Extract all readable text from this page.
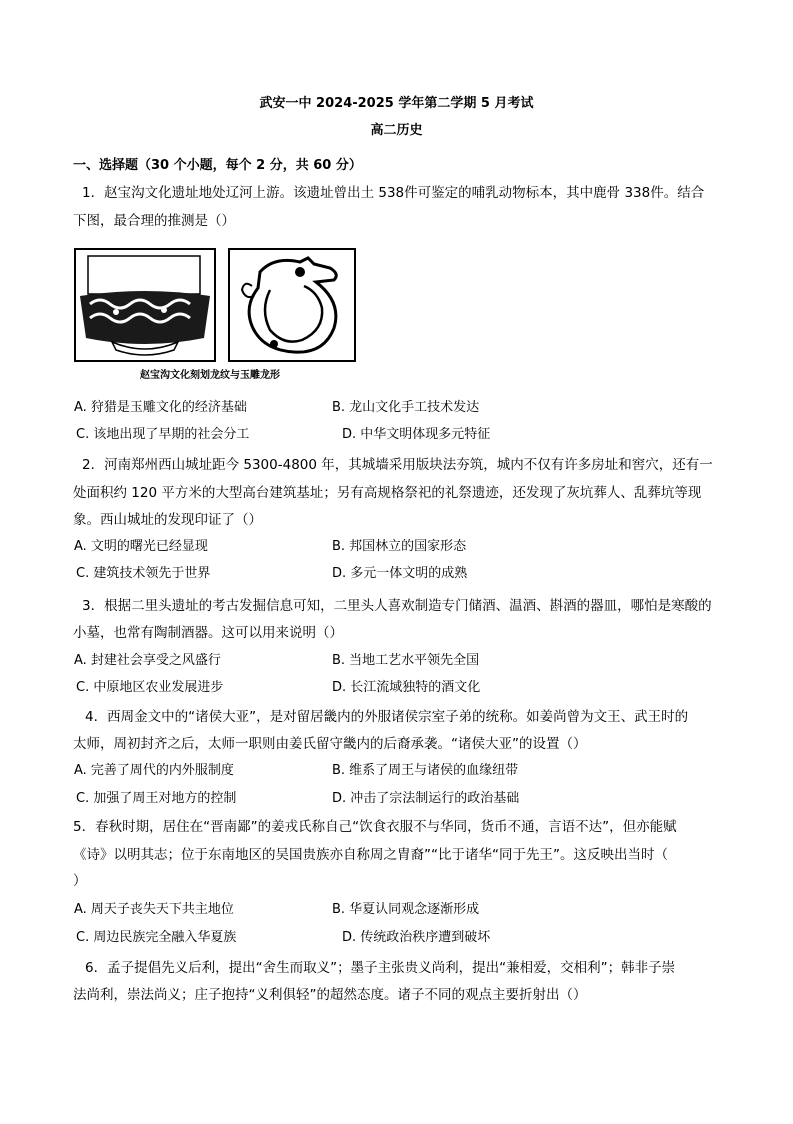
武安一中 2024-2025 学年第二学期 5 月考试
高二历史
一、选择题（30 个小题，每个 2 分，共 60 分）
1．赵宝沟文化遗址地处辽河上游。该遗址曾出土 538件可鉴定的哺乳动物标本，其中鹿骨 338件。结合
下图，最合理的推测是（）
赵宝沟文化刻划龙纹与玉雕龙形
A. 狩猎是玉雕文化的经济基础	B. 龙山文化手工技术发达
C. 该地出现了早期的社会分工	D. 中华文明体现多元特征
2．河南郑州西山城址距今 5300-4800 年，其城墙采用版块法夯筑，城内不仅有许多房址和窖穴，还有一
处面积约 120 平方米的大型高台建筑基址；另有高规格祭祀的礼祭遗迹，还发现了灰坑葬人、乱葬坑等现
象。西山城址的发现印证了（）
A. 文明的曙光已经显现	B. 邦国林立的国家形态
C. 建筑技术领先于世界	D. 多元一体文明的成熟
3．根据二里头遗址的考古发掘信息可知，二里头人喜欢制造专门储酒、温酒、斟酒的器皿，哪怕是寒酸的
小墓，也常有陶制酒器。这可以用来说明（）
A. 封建社会享受之风盛行	B. 当地工艺水平领先全国
C. 中原地区农业发展进步	D. 长江流域独特的酒文化
4．西周金文中的“诸侯大亚”，是对留居畿内的外服诸侯宗室子弟的统称。如姜尚曾为文王、武王时的
太师，周初封齐之后，太师一职则由姜氏留守畿内的后裔承袭。“诸侯大亚”的设置（）
A. 完善了周代的内外服制度	B. 维系了周王与诸侯的血缘纽带
C. 加强了周王对地方的控制	D. 冲击了宗法制运行的政治基础
5．春秋时期，居住在“晋南鄙”的姜戎氏称自己“饮食衣服不与华同，货币不通，言语不达”，但亦能赋
《诗》以明其志；位于东南地区的吴国贵族亦自称周之胄裔”“比于诸华“同于先王”。这反映出当时（
）
A. 周天子丧失天下共主地位	B. 华夏认同观念逐渐形成
C. 周边民族完全融入华夏族	D. 传统政治秩序遭到破坏
6．孟子提倡先义后利，提出“舍生而取义”；墨子主张贵义尚利，提出“兼相爱，交相利”；韩非子崇
法尚利，崇法尚义；庄子抱持“义利俱轻”的超然态度。诸子不同的观点主要折射出（）
